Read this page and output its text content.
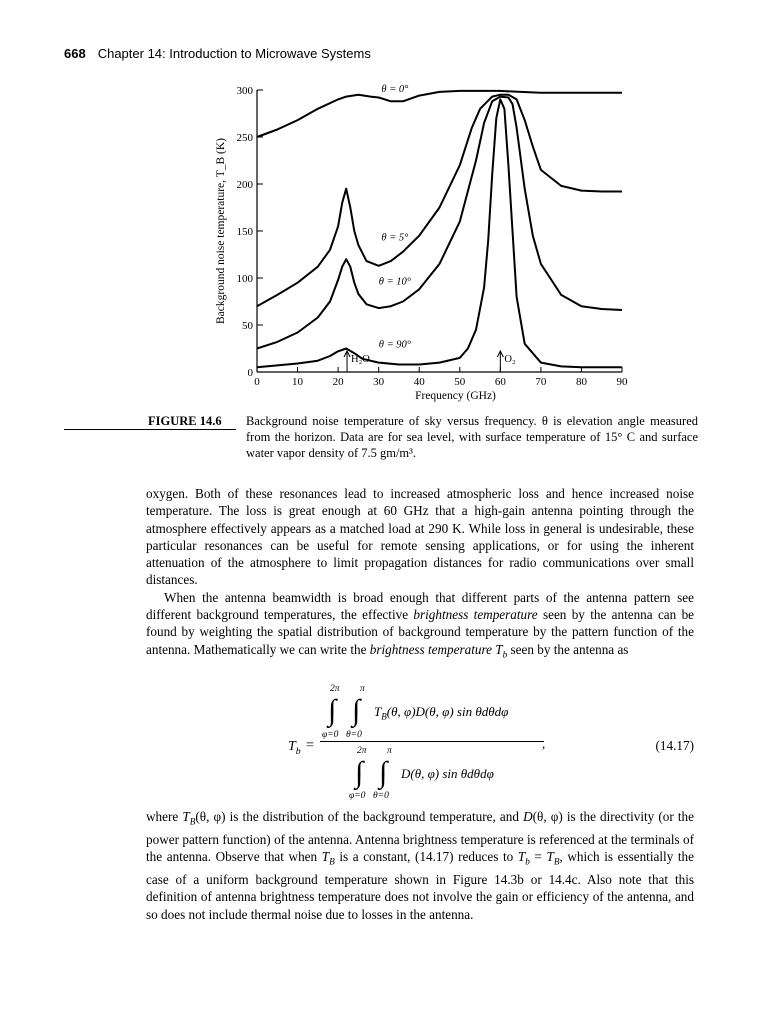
668 Chapter 14: Introduction to Microwave Systems
0	10	20	30	40	50	60	70	80	90
0
50
100
150
200
250
300
Frequency (GHz)
Background noise temperature, T_B (K)
θ = 0°
θ = 5°
θ = 10°
θ = 90°
H₂O	O₂
FIGURE 14.6 Background noise temperature of sky versus frequency. θ is elevation angle measured from the horizon. Data are for sea level, with surface temperature of 15° C and surface water vapor density of 7.5 gm/m³.

oxygen. Both of these resonances lead to increased atmospheric loss and hence increased noise temperature. The loss is great enough at 60 GHz that a high-gain antenna pointing through the atmosphere effectively appears as a matched load at 290 K. While loss in general is undesirable, these particular resonances can be useful for remote sensing applications, or for using the inherent attenuation of the atmosphere to limit propagation distances for radio communications over small distances.

When the antenna beamwidth is broad enough that different parts of the antenna pattern see different background temperatures, the effective brightness temperature seen by the antenna can be found by weighting the spatial distribution of background temperature by the pattern function of the antenna. Mathematically we can write the brightness temperature $T_b$ seen by the antenna as

$T_b$ =
2π π
∫ ∫
φ=0 θ=0
$T_B(\theta$, φ)D(θ, φ) sin θdθdφ
,
2π π
∫ ∫
φ=0 θ=0
D(θ, φ) sin θdθdφ
(14.17)

where $T_B(\theta$, φ) is the distribution of the background temperature, and D(θ, φ) is the directivity (or the power pattern function) of the antenna. Antenna brightness temperature is referenced at the terminals of the antenna. Observe that when $T_B$ is a constant, (14.17) reduces to $T_b = T_B$, which is essentially the case of a uniform background temperature shown in Figure 14.3b or 14.4c. Also note that this definition of antenna brightness temperature does not involve the gain or efficiency of the antenna, and so does not include thermal noise due to losses in the antenna.
